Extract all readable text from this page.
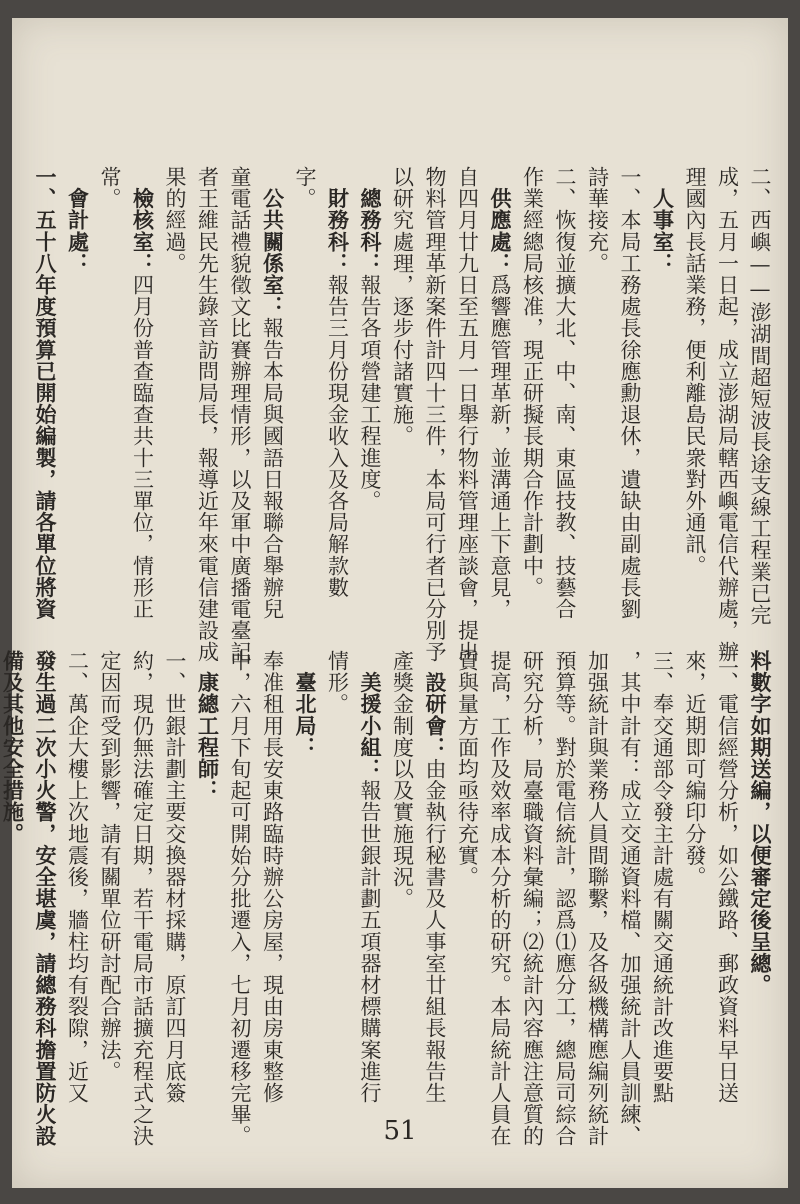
二、西嶼——澎湖間超短波長途支線工程業已完
成，五月一日起，成立澎湖局轄西嶼電信代辦處，辦
理國內長話業務，便利離島民衆對外通訊。
　人事室：
一、本局工務處長徐應勳退休，遺缺由副處長劉
詩華接充。
二、恢復並擴大北、中、南、東區技教、技藝合
作業經總局核准，現正研擬長期合作計劃中。
　供應處：爲響應管理革新，並溝通上下意見，
自四月廿九日至五月一日舉行物料管理座談會，提出
物料管理革新案件計四十三件，本局可行者已分別予
以研究處理，逐步付諸實施。
　總務科：報告各項營建工程進度。
　財務科：報告三月份現金收入及各局解款數
字。
　公共關係室：報告本局與國語日報聯合舉辦兒
童電話禮貌徵文比賽辦理情形，以及軍中廣播電臺記
者王維民先生錄音訪問局長，報導近年來電信建設成
果的經過。
　檢核室：四月份普查臨查共十三單位，情形正
常。
　會計處：
一、五十八年度預算已開始編製，請各單位將資
料數字如期送編，以便審定後呈總。
二、電信經營分析，如公鐵路、郵政資料早日送
來，近期即可編印分發。
三、奉交通部令發主計處有關交通統計改進要點
，其中計有：成立交通資料檔、加强統計人員訓練、
加强統計與業務人員間聯繫，及各級機構應編列統計
預算等。對於電信統計，認爲⑴應分工，總局司綜合
研究分析，局臺職資料彙編；⑵統計內容應注意質的
提高，工作及效率成本分析的研究。本局統計人員在
質與量方面均亟待充實。
　設研會：由金執行秘書及人事室廿組長報告生
產獎金制度以及實施現況。
　美援小組：報告世銀計劃五項器材標購案進行
情形。
　臺北局：
奉准租用長安東路臨時辦公房屋，現由房東整修
中，六月下旬起可開始分批遷入，七月初遷移完畢。
　康總工程師：
一、世銀計劃主要交換器材採購，原訂四月底簽
約，現仍無法確定日期，若干電局市話擴充程式之決
定因而受到影響，請有關單位研討配合辦法。
二、萬企大樓上次地震後，牆柱均有裂隙，近又
發生過二次小火警，安全堪虞，請總務科擔置防火設
備及其他安全措施。
51
